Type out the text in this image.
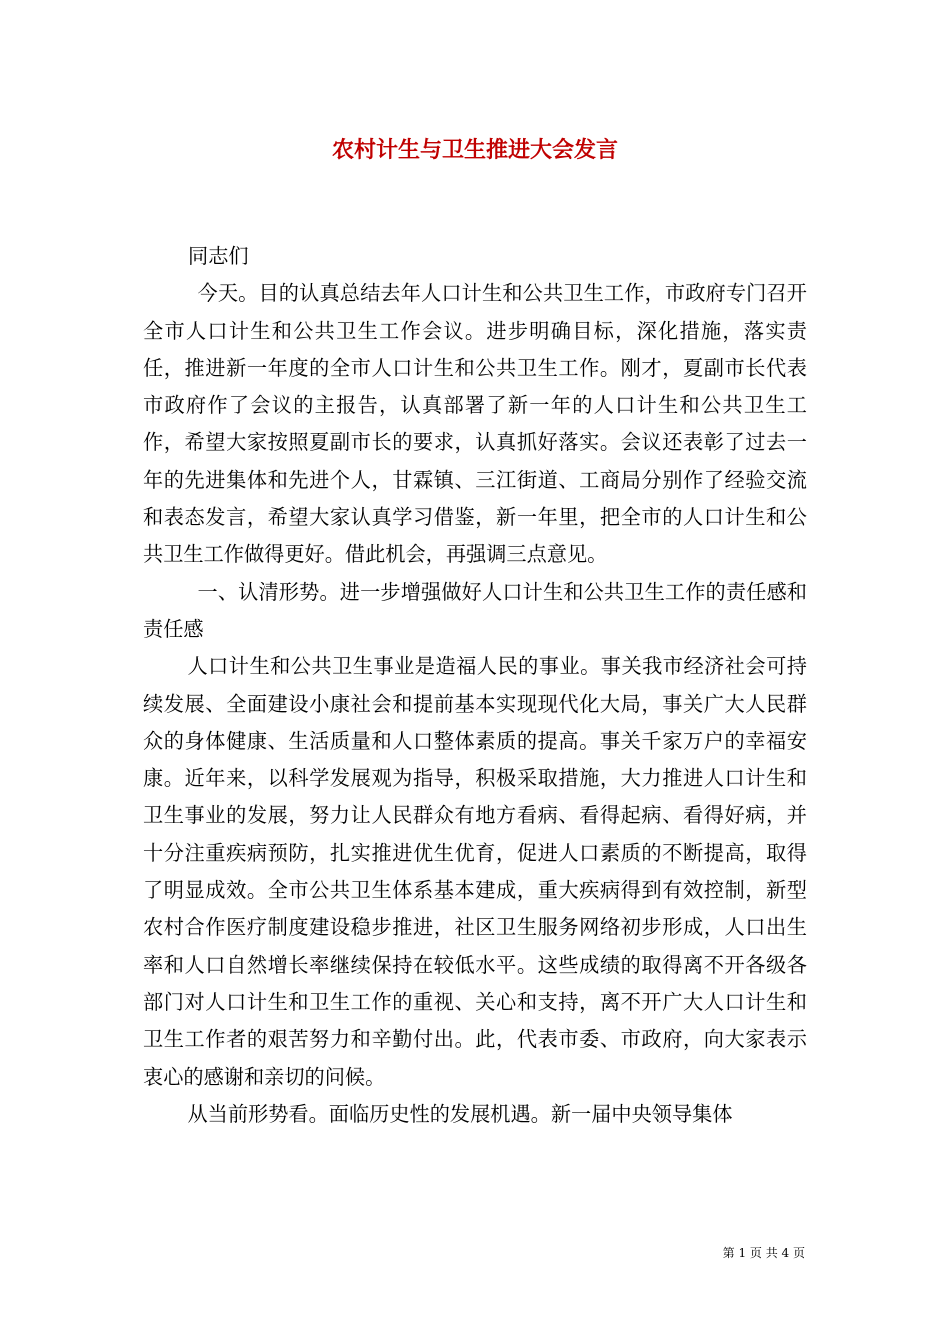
农村计生与卫生推进大会发言

同志们

今天。目的认真总结去年人口计生和公共卫生工作，市政府专门召开全市人口计生和公共卫生工作会议。进步明确目标，深化措施，落实责任，推进新一年度的全市人口计生和公共卫生工作。刚才，夏副市长代表市政府作了会议的主报告，认真部署了新一年的人口计生和公共卫生工作，希望大家按照夏副市长的要求，认真抓好落实。会议还表彰了过去一年的先进集体和先进个人，甘霖镇、三江街道、工商局分别作了经验交流和表态发言，希望大家认真学习借鉴，新一年里，把全市的人口计生和公共卫生工作做得更好。借此机会，再强调三点意见。

一、认清形势。进一步增强做好人口计生和公共卫生工作的责任感和责任感

人口计生和公共卫生事业是造福人民的事业。事关我市经济社会可持续发展、全面建设小康社会和提前基本实现现代化大局，事关广大人民群众的身体健康、生活质量和人口整体素质的提高。事关千家万户的幸福安康。近年来，以科学发展观为指导，积极采取措施，大力推进人口计生和卫生事业的发展，努力让人民群众有地方看病、看得起病、看得好病，并十分注重疾病预防，扎实推进优生优育，促进人口素质的不断提高，取得了明显成效。全市公共卫生体系基本建成，重大疾病得到有效控制，新型农村合作医疗制度建设稳步推进，社区卫生服务网络初步形成，人口出生率和人口自然增长率继续保持在较低水平。这些成绩的取得离不开各级各部门对人口计生和卫生工作的重视、关心和支持，离不开广大人口计生和卫生工作者的艰苦努力和辛勤付出。此，代表市委、市政府，向大家表示衷心的感谢和亲切的问候。

从当前形势看。面临历史性的发展机遇。新一届中央领导集体

第 1 页 共 4 页
